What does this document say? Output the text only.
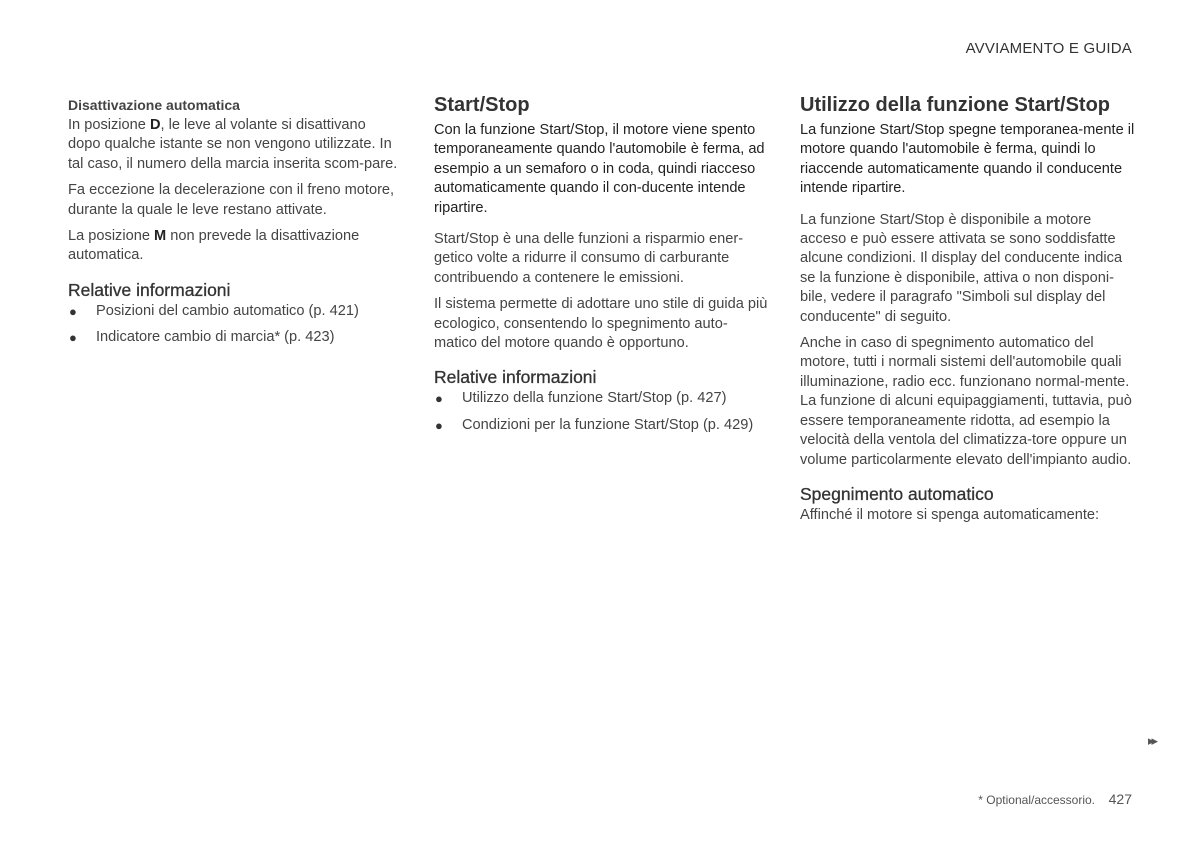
AVVIAMENTO E GUIDA
Disattivazione automatica

In posizione D, le leve al volante si disattivano dopo qualche istante se non vengono utilizzate. In tal caso, il numero della marcia inserita scom-pare.

Fa eccezione la decelerazione con il freno motore, durante la quale le leve restano attivate.

La posizione M non prevede la disattivazione automatica.

Relative informazioni
● Posizioni del cambio automatico (p. 421)
● Indicatore cambio di marcia* (p. 423)
Start/Stop

Con la funzione Start/Stop, il motore viene spento temporaneamente quando l'automobile è ferma, ad esempio a un semaforo o in coda, quindi riacceso automaticamente quando il con-ducente intende ripartire.

Start/Stop è una delle funzioni a risparmio ener-getico volte a ridurre il consumo di carburante contribuendo a contenere le emissioni.

Il sistema permette di adottare uno stile di guida più ecologico, consentendo lo spegnimento auto-matico del motore quando è opportuno.

Relative informazioni
● Utilizzo della funzione Start/Stop (p. 427)
● Condizioni per la funzione Start/Stop (p. 429)
Utilizzo della funzione Start/Stop

La funzione Start/Stop spegne temporanea-mente il motore quando l'automobile è ferma, quindi lo riaccende automaticamente quando il conducente intende ripartire.

La funzione Start/Stop è disponibile a motore acceso e può essere attivata se sono soddisfatte alcune condizioni. Il display del conducente indica se la funzione è disponibile, attiva o non disponi-bile, vedere il paragrafo "Simboli sul display del conducente" di seguito.

Anche in caso di spegnimento automatico del motore, tutti i normali sistemi dell'automobile quali illuminazione, radio ecc. funzionano normal-mente. La funzione di alcuni equipaggiamenti, tuttavia, può essere temporaneamente ridotta, ad esempio la velocità della ventola del climatizza-tore oppure un volume particolarmente elevato dell'impianto audio.

Spegnimento automatico

Affinché il motore si spenga automaticamente:

▸▸
* Optional/accessorio. 427
